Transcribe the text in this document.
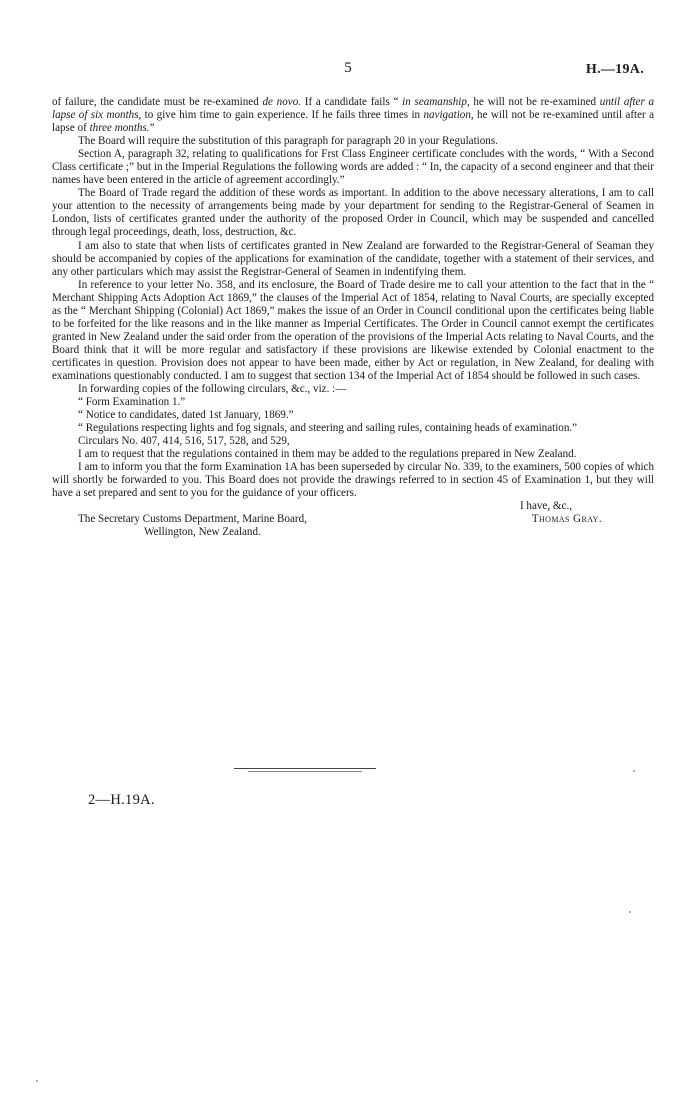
5	H.—19A.

of failure, the candidate must be re-examined de novo. If a candidate fails “ in seamanship, he will not be re-examined until after a lapse of six months, to give him time to gain experience. If he fails three times in navigation, he will not be re-examined until after a lapse of three months.”

The Board will require the substitution of this paragraph for paragraph 20 in your Regulations.

Section A, paragraph 32, relating to qualifications for Frst Class Engineer certificate concludes with the words, “ With a Second Class certificate ;” but in the Imperial Regulations the following words are added : “ In, the capacity of a second engineer and that their names have been entered in the article of agreement accordingly.”

The Board of Trade regard the addition of these words as important. In addition to the above necessary alterations, I am to call your attention to the necessity of arrangements being made by your department for sending to the Registrar-General of Seamen in London, lists of certificates granted under the authority of the proposed Order in Council, which may be suspended and cancelled through legal proceedings, death, loss, destruction, &c.

I am also to state that when lists of certificates granted in New Zealand are forwarded to the Registrar-General of Seaman they should be accompanied by copies of the applications for examination of the candidate, together with a statement of their services, and any other particulars which may assist the Registrar-General of Seamen in indentifying them.

In reference to your letter No. 358, and its enclosure, the Board of Trade desire me to call your attention to the fact that in the “ Merchant Shipping Acts Adoption Act 1869,” the clauses of the Imperial Act of 1854, relating to Naval Courts, are specially excepted as the “ Merchant Shipping (Colonial) Act 1869,” makes the issue of an Order in Council conditional upon the certificates being liable to be forfeited for the like reasons and in the like manner as Imperial Certificates. The Order in Council cannot exempt the certificates granted in New Zealand under the said order from the operation of the provisions of the Imperial Acts relating to Naval Courts, and the Board think that it will be more regular and satisfactory if these provisions are likewise extended by Colonial enactment to the certificates in question. Provision does not appear to have been made, either by Act or regulation, in New Zealand, for dealing with examinations questionably conducted. I am to suggest that section 134 of the Imperial Act of 1854 should be followed in such cases.

In forwarding copies of the following circulars, &c., viz. :—

“ Form Examination 1.”

“ Notice to candidates, dated 1st January, 1869.”

“ Regulations respecting lights and fog signals, and steering and sailing rules, containing heads of examination.”

Circulars No. 407, 414, 516, 517, 528, and 529,

I am to request that the regulations contained in them may be added to the regulations prepared in New Zealand.

I am to inform you that the form Examination 1A has been superseded by circular No. 339, to the examiners, 500 copies of which will shortly be forwarded to you. This Board does not provide the drawings referred to in section 45 of Examination 1, but they will have a set prepared and sent to you for the guidance of your officers.

I have, &c.,
Thomas Gray.
The Secretary Customs Department, Marine Board,
Wellington, New Zealand.
2—H.19A.
